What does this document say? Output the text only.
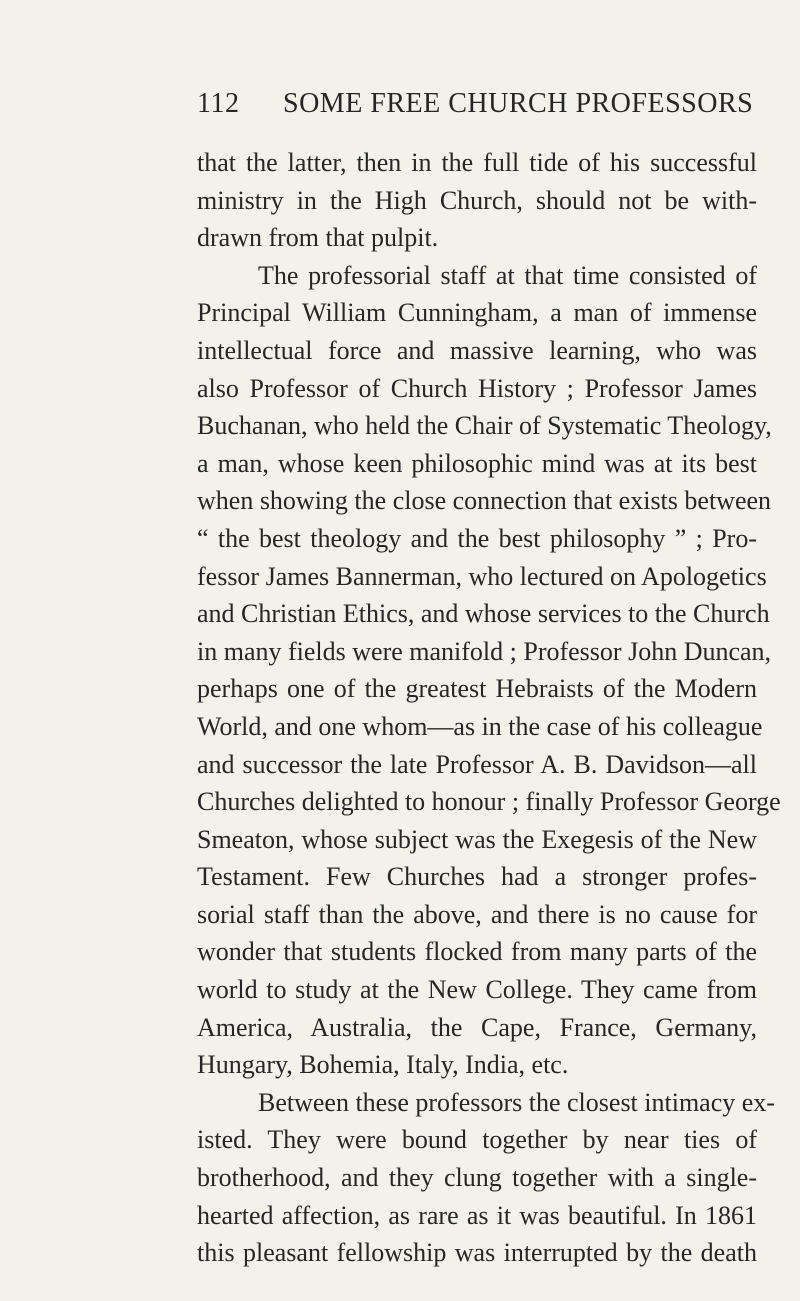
112 SOME FREE CHURCH PROFESSORS
that the latter, then in the full tide of his successful
ministry in the High Church, should not be with-
drawn from that pulpit.
The professorial staff at that time consisted of
Principal William Cunningham, a man of immense
intellectual force and massive learning, who was
also Professor of Church History ; Professor James
Buchanan, who held the Chair of Systematic Theology,
a man, whose keen philosophic mind was at its best
when showing the close connection that exists between
“ the best theology and the best philosophy ” ; Pro-
fessor James Bannerman, who lectured on Apologetics
and Christian Ethics, and whose services to the Church
in many fields were manifold ; Professor John Duncan,
perhaps one of the greatest Hebraists of the Modern
World, and one whom—as in the case of his colleague
and successor the late Professor A. B. Davidson—all
Churches delighted to honour ; finally Professor George
Smeaton, whose subject was the Exegesis of the New
Testament. Few Churches had a stronger profes-
sorial staff than the above, and there is no cause for
wonder that students flocked from many parts of the
world to study at the New College. They came from
America, Australia, the Cape, France, Germany,
Hungary, Bohemia, Italy, India, etc.
Between these professors the closest intimacy ex-
isted. They were bound together by near ties of
brotherhood, and they clung together with a single-
hearted affection, as rare as it was beautiful. In 1861
this pleasant fellowship was interrupted by the death
